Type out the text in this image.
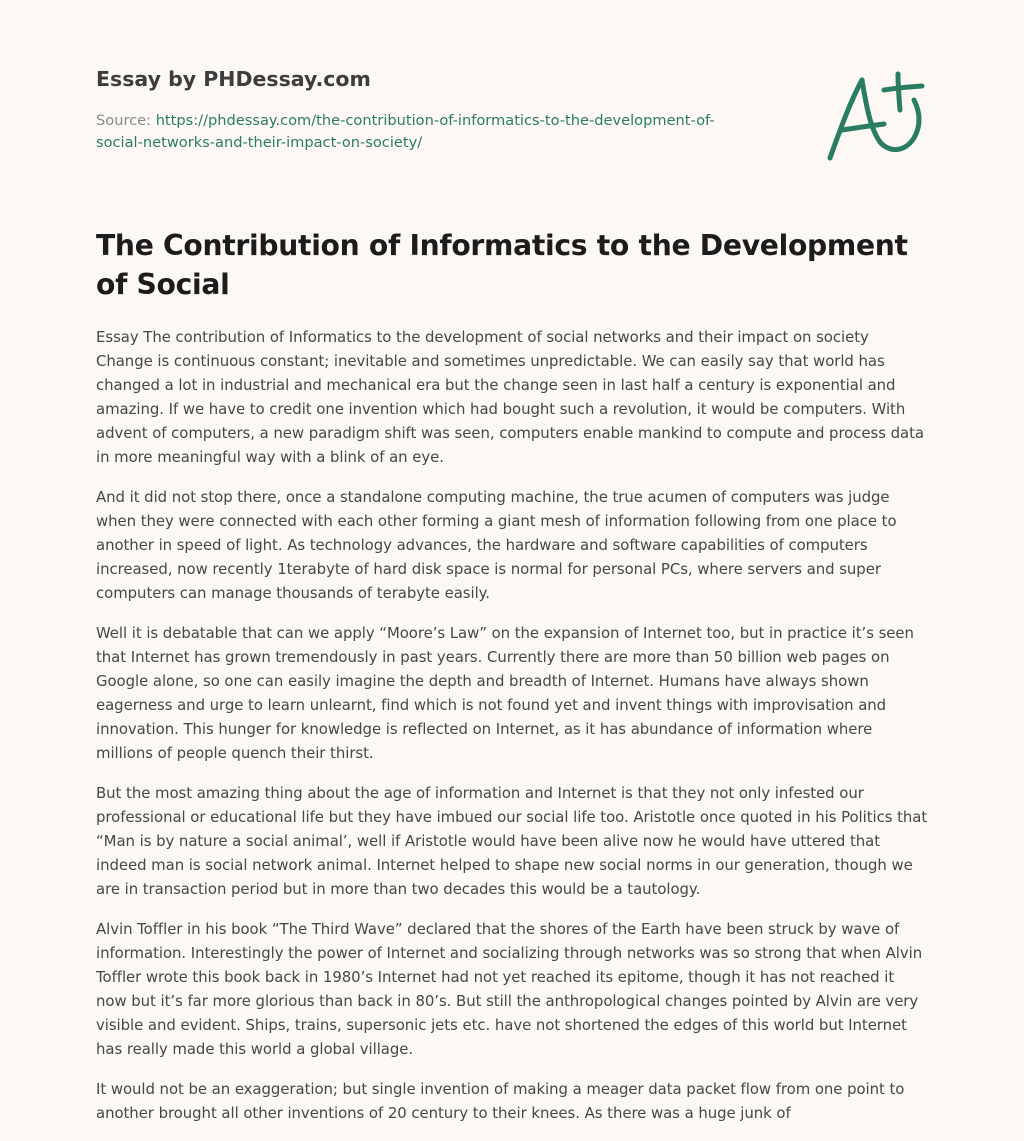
Essay by PHDessay.com
Source: https://phdessay.com/the-contribution-of-informatics-to-the-development-of-
social-networks-and-their-impact-on-society/
The Contribution of Informatics to the Development of Social

Essay The contribution of Informatics to the development of social networks and their impact on society Change is continuous constant; inevitable and sometimes unpredictable. We can easily say that world has changed a lot in industrial and mechanical era but the change seen in last half a century is exponential and amazing. If we have to credit one invention which had bought such a revolution, it would be computers. With advent of computers, a new paradigm shift was seen, computers enable mankind to compute and process data in more meaningful way with a blink of an eye.

And it did not stop there, once a standalone computing machine, the true acumen of computers was judge when they were connected with each other forming a giant mesh of information following from one place to another in speed of light. As technology advances, the hardware and software capabilities of computers increased, now recently 1terabyte of hard disk space is normal for personal PCs, where servers and super computers can manage thousands of terabyte easily.

Well it is debatable that can we apply “Moore’s Law” on the expansion of Internet too, but in practice it’s seen that Internet has grown tremendously in past years. Currently there are more than 50 billion web pages on Google alone, so one can easily imagine the depth and breadth of Internet. Humans have always shown eagerness and urge to learn unlearnt, find which is not found yet and invent things with improvisation and innovation. This hunger for knowledge is reflected on Internet, as it has abundance of information where millions of people quench their thirst.

But the most amazing thing about the age of information and Internet is that they not only infested our professional or educational life but they have imbued our social life too. Aristotle once quoted in his Politics that “Man is by nature a social animal’, well if Aristotle would have been alive now he would have uttered that indeed man is social network animal. Internet helped to shape new social norms in our generation, though we are in transaction period but in more than two decades this would be a tautology.

Alvin Toffler in his book “The Third Wave” declared that the shores of the Earth have been struck by wave of information. Interestingly the power of Internet and socializing through networks was so strong that when Alvin Toffler wrote this book back in 1980’s Internet had not yet reached its epitome, though it has not reached it now but it’s far more glorious than back in 80’s. But still the anthropological changes pointed by Alvin are very visible and evident. Ships, trains, supersonic jets etc. have not shortened the edges of this world but Internet has really made this world a global village.

It would not be an exaggeration; but single invention of making a meager data packet flow from one point to another brought all other inventions of 20 century to their knees. As there was a huge junk of
